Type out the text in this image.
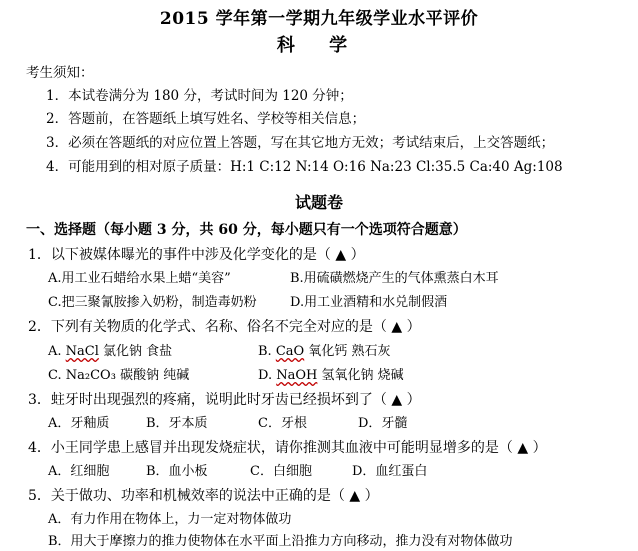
2015 学年第一学期九年级学业水平评价
科 学
考生须知：
1．本试卷满分为 180 分，考试时间为 120 分钟；
2．答题前，在答题纸上填写姓名、学校等相关信息；
3．必须在答题纸的对应位置上答题，写在其它地方无效；考试结束后，上交答题纸；
4．可能用到的相对原子质量：H:1 C:12 N:14 O:16 Na:23 Cl:35.5 Ca:40 Ag:108
试题卷
一、选择题（每小题 3 分，共 60 分，每小题只有一个选项符合题意）
1．以下被媒体曝光的事件中涉及化学变化的是（ ▲ ）
A.用工业石蜡给水果上蜡“美容”	B.用硫磺燃烧产生的气体熏蒸白木耳
C.把三聚氰胺掺入奶粉，制造毒奶粉	D.用工业酒精和水兑制假酒
2．下列有关物质的化学式、名称、俗名不完全对应的是（ ▲ ）
A. NaCl 氯化钠 食盐	B. CaO 氧化钙 熟石灰
C. Na₂CO₃ 碳酸钠 纯碱	D. NaOH 氢氧化钠 烧碱
3．蛀牙时出现强烈的疼痛，说明此时牙齿已经损坏到了（ ▲ ）
A．牙釉质	B．牙本质	C．牙根	D．牙髓
4．小王同学患上感冒并出现发烧症状，请你推测其血液中可能明显增多的是（ ▲ ）
A．红细胞	B．血小板	C．白细胞	D．血红蛋白
5．关于做功、功率和机械效率的说法中正确的是（ ▲ ）
A．有力作用在物体上，力一定对物体做功
B．用大于摩擦力的推力使物体在水平面上沿推力方向移动，推力没有对物体做功
